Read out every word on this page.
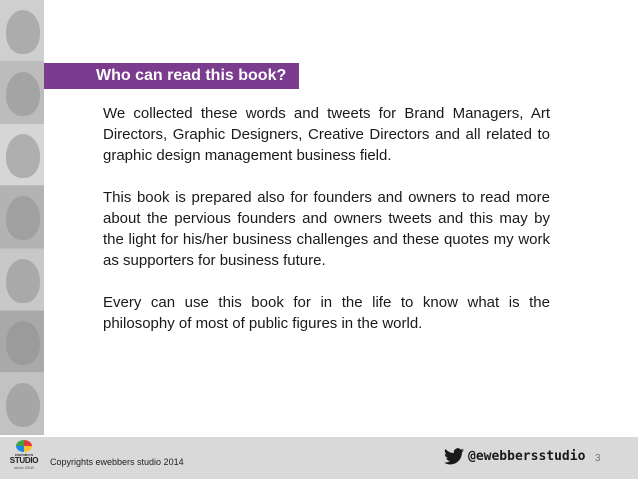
Who can read this book?

We collected these words and tweets for Brand Managers, Art Directors, Graphic Designers, Creative Directors and all related to graphic design management business field.

This book is prepared also for founders and owners to read more about the pervious founders and owners tweets and this may by the light for his/her business challenges and these quotes my work as supporters for business future.

Every can use this book for in the life to know what is the philosophy of most of public figures in the world.

ewebbers
STUDIO
since 2008
Copyrights ewebbers studio 2014	@ewebbersstudio 3
